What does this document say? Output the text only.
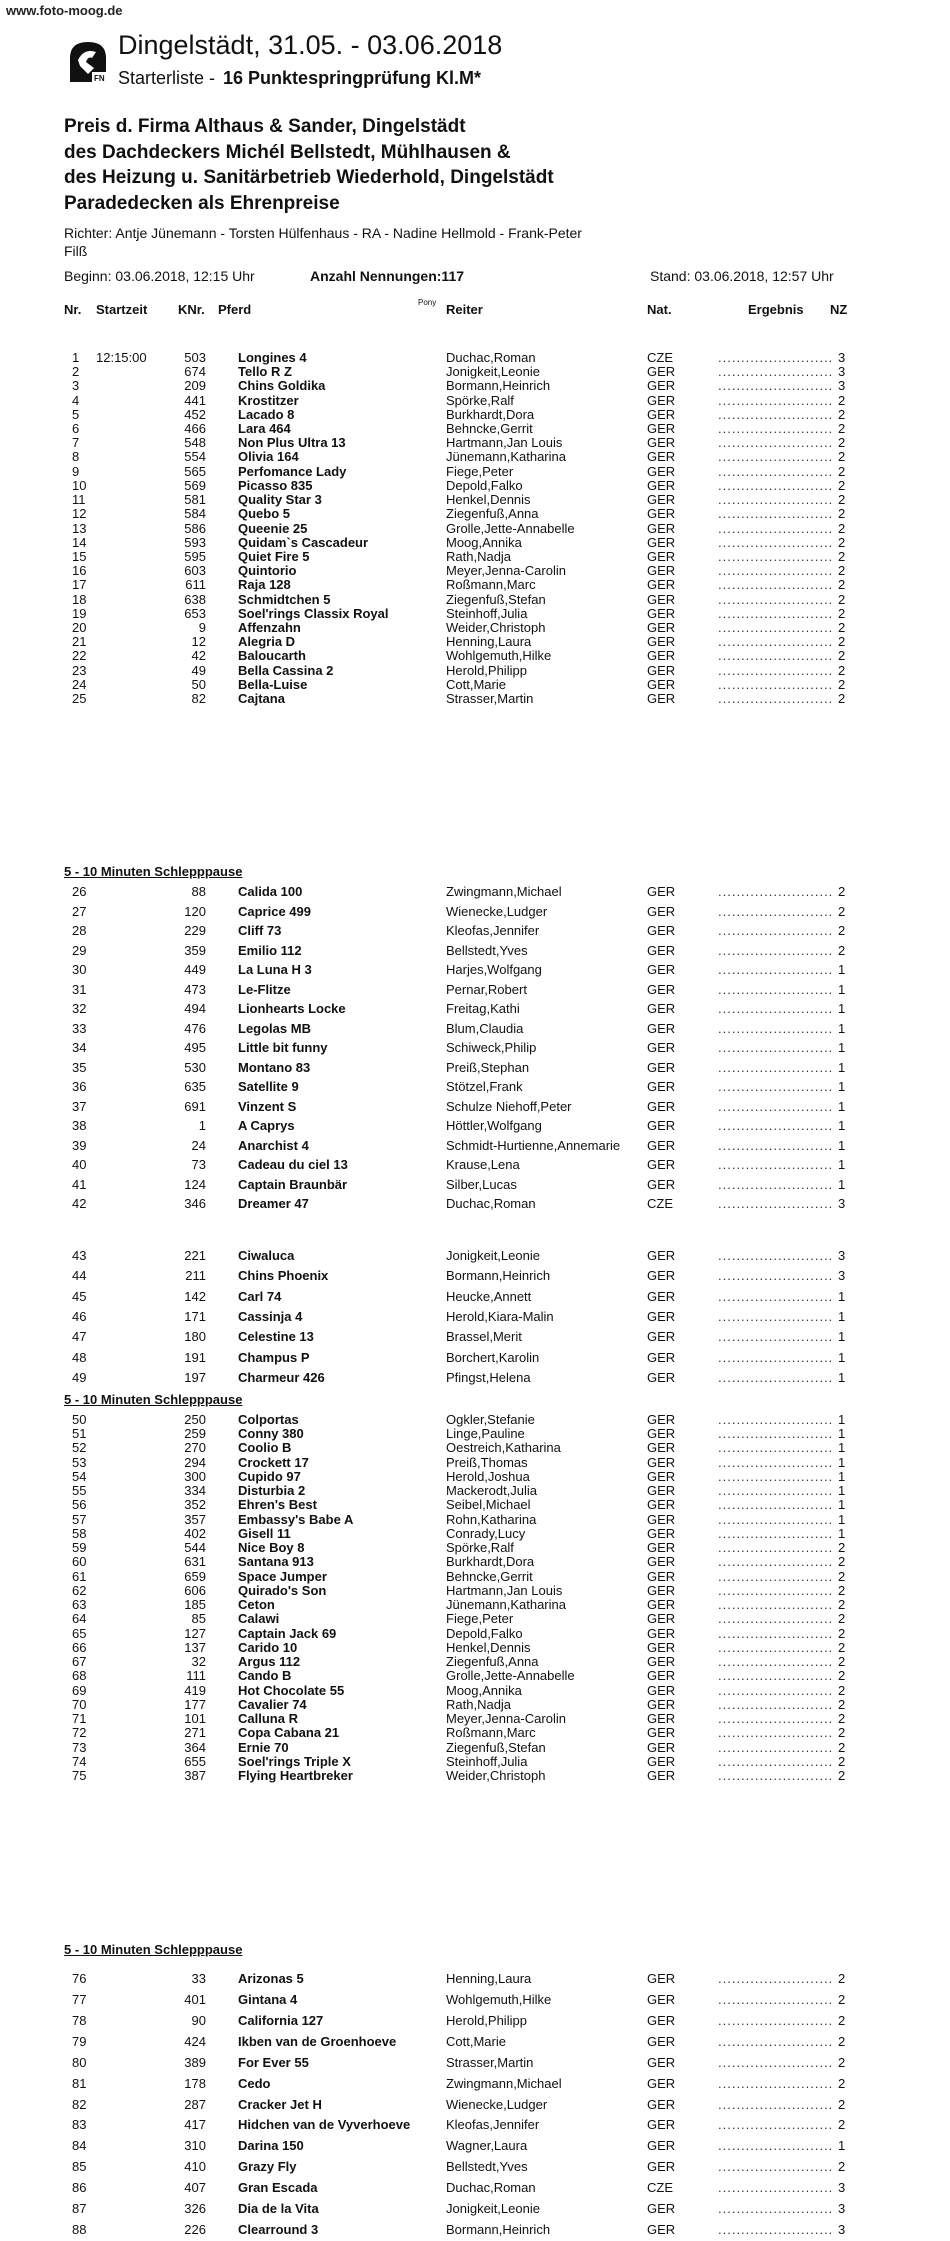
www.foto-moog.de
FN
Dingelstädt, 31.05. - 03.06.2018
Starterliste - 16 Punktespringprüfung Kl.M*
Preis d. Firma Althaus & Sander, Dingelstädt
des Dachdeckers Michél Bellstedt, Mühlhausen &
des Heizung u. Sanitärbetrieb Wiederhold, Dingelstädt
Paradedecken als Ehrenpreise
Richter: Antje Jünemann - Torsten Hülfenhaus - RA - Nadine Hellmold - Frank-Peter Filß
Beginn: 03.06.2018, 12:15 Uhr	Anzahl Nennungen:117	Stand: 03.06.2018, 12:57 Uhr
Nr. Startzeit KNr. Pferd	Pony Reiter	Nat.	Ergebnis NZ
1 12:15:00	503 Longines 4	Duchac,Roman	CZE	......................... 3
2	674 Tello R Z	Jonigkeit,Leonie	GER	......................... 3
3	209 Chins Goldika	Bormann,Heinrich	GER	......................... 3
4	441 Krostitzer	Spörke,Ralf	GER	......................... 2
5	452 Lacado 8	Burkhardt,Dora	GER	......................... 2
6	466 Lara 464	Behncke,Gerrit	GER	......................... 2
7	548 Non Plus Ultra 13	Hartmann,Jan Louis	GER	......................... 2
8	554 Olivia 164	Jünemann,Katharina	GER	......................... 2
9	565 Perfomance Lady	Fiege,Peter	GER	......................... 2
10	569 Picasso 835	Depold,Falko	GER	......................... 2
11	581 Quality Star 3	Henkel,Dennis	GER	......................... 2
12	584 Quebo 5	Ziegenfuß,Anna	GER	......................... 2
13	586 Queenie 25	Grolle,Jette-Annabelle	GER	......................... 2
14	593 Quidam`s Cascadeur	Moog,Annika	GER	......................... 2
15	595 Quiet Fire 5	Rath,Nadja	GER	......................... 2
16	603 Quintorio	Meyer,Jenna-Carolin	GER	......................... 2
17	611 Raja 128	Roßmann,Marc	GER	......................... 2
18	638 Schmidtchen 5	Ziegenfuß,Stefan	GER	......................... 2
19	653 Soel'rings Classix Royal	Steinhoff,Julia	GER	......................... 2
20	9 Affenzahn	Weider,Christoph	GER	......................... 2
21	12 Alegria D	Henning,Laura	GER	......................... 2
22	42 Baloucarth	Wohlgemuth,Hilke	GER	......................... 2
23	49 Bella Cassina 2	Herold,Philipp	GER	......................... 2
24	50 Bella-Luise	Cott,Marie	GER	......................... 2
25	82 Cajtana	Strasser,Martin	GER	......................... 2
26	88 Calida 100	Zwingmann,Michael	GER	......................... 2
27	120 Caprice 499	Wienecke,Ludger	GER	......................... 2
28	229 Cliff 73	Kleofas,Jennifer	GER	......................... 2
29	359 Emilio 112	Bellstedt,Yves	GER	......................... 2
30	449 La Luna H 3	Harjes,Wolfgang	GER	......................... 1
31	473 Le-Flitze	Pernar,Robert	GER	......................... 1
32	494 Lionhearts Locke	Freitag,Kathi	GER	......................... 1
33	476 Legolas MB	Blum,Claudia	GER	......................... 1
34	495 Little bit funny	Schiweck,Philip	GER	......................... 1
35	530 Montano 83	Preiß,Stephan	GER	......................... 1
36	635 Satellite 9	Stötzel,Frank	GER	......................... 1
37	691 Vinzent S	Schulze Niehoff,Peter	GER	......................... 1
38	1 A Caprys	Höttler,Wolfgang	GER	......................... 1
39	24 Anarchist 4	Schmidt-Hurtienne,Annemarie GER	......................... 1
40	73 Cadeau du ciel 13	Krause,Lena	GER	......................... 1
41	124 Captain Braunbär	Silber,Lucas	GER	......................... 1
42	346 Dreamer 47	Duchac,Roman	CZE	......................... 3
43	221 Ciwaluca	Jonigkeit,Leonie	GER	......................... 3
44	211 Chins Phoenix	Bormann,Heinrich	GER	......................... 3
45	142 Carl 74	Heucke,Annett	GER	......................... 1
46	171 Cassinja 4	Herold,Kiara-Malin	GER	......................... 1
47	180 Celestine 13	Brassel,Merit	GER	......................... 1
48	191 Champus P	Borchert,Karolin	GER	......................... 1
49	197 Charmeur 426	Pfingst,Helena	GER	......................... 1
50	250 Colportas	Ogkler,Stefanie	GER	......................... 1
51	259 Conny 380	Linge,Pauline	GER	......................... 1
52	270 Coolio B	Oestreich,Katharina	GER	......................... 1
53	294 Crockett 17	Preiß,Thomas	GER	......................... 1
54	300 Cupido 97	Herold,Joshua	GER	......................... 1
55	334 Disturbia 2	Mackerodt,Julia	GER	......................... 1
56	352 Ehren's Best	Seibel,Michael	GER	......................... 1
57	357 Embassy's Babe A	Rohn,Katharina	GER	......................... 1
58	402 Gisell 11	Conrady,Lucy	GER	......................... 1
59	544 Nice Boy 8	Spörke,Ralf	GER	......................... 2
60	631 Santana 913	Burkhardt,Dora	GER	......................... 2
61	659 Space Jumper	Behncke,Gerrit	GER	......................... 2
62	606 Quirado's Son	Hartmann,Jan Louis	GER	......................... 2
63	185 Ceton	Jünemann,Katharina	GER	......................... 2
64	85 Calawi	Fiege,Peter	GER	......................... 2
65	127 Captain Jack 69	Depold,Falko	GER	......................... 2
66	137 Carido 10	Henkel,Dennis	GER	......................... 2
67	32 Argus 112	Ziegenfuß,Anna	GER	......................... 2
68	111 Cando B	Grolle,Jette-Annabelle	GER	......................... 2
69	419 Hot Chocolate 55	Moog,Annika	GER	......................... 2
70	177 Cavalier 74	Rath,Nadja	GER	......................... 2
71	101 Calluna R	Meyer,Jenna-Carolin	GER	......................... 2
72	271 Copa Cabana 21	Roßmann,Marc	GER	......................... 2
73	364 Ernie 70	Ziegenfuß,Stefan	GER	......................... 2
74	655 Soel'rings Triple X	Steinhoff,Julia	GER	......................... 2
75	387 Flying Heartbreker	Weider,Christoph	GER	......................... 2
76	33 Arizonas 5	Henning,Laura	GER	......................... 2
77	401 Gintana 4	Wohlgemuth,Hilke	GER	......................... 2
78	90 California 127	Herold,Philipp	GER	......................... 2
79	424 Ikben van de Groenhoeve	Cott,Marie	GER	......................... 2
80	389 For Ever 55	Strasser,Martin	GER	......................... 2
81	178 Cedo	Zwingmann,Michael	GER	......................... 2
82	287 Cracker Jet H	Wienecke,Ludger	GER	......................... 2
83	417 Hidchen van de Vyverhoeve	Kleofas,Jennifer	GER	......................... 2
84	310 Darina 150	Wagner,Laura	GER	......................... 1
85	410 Grazy Fly	Bellstedt,Yves	GER	......................... 2
86	407 Gran Escada	Duchac,Roman	CZE	......................... 3
87	326 Dia de la Vita	Jonigkeit,Leonie	GER	......................... 3
88	226 Clearround 3	Bormann,Heinrich	GER	......................... 3
5 - 10 Minuten Schlepppause
5 - 10 Minuten Schlepppause
5 - 10 Minuten Schlepppause
